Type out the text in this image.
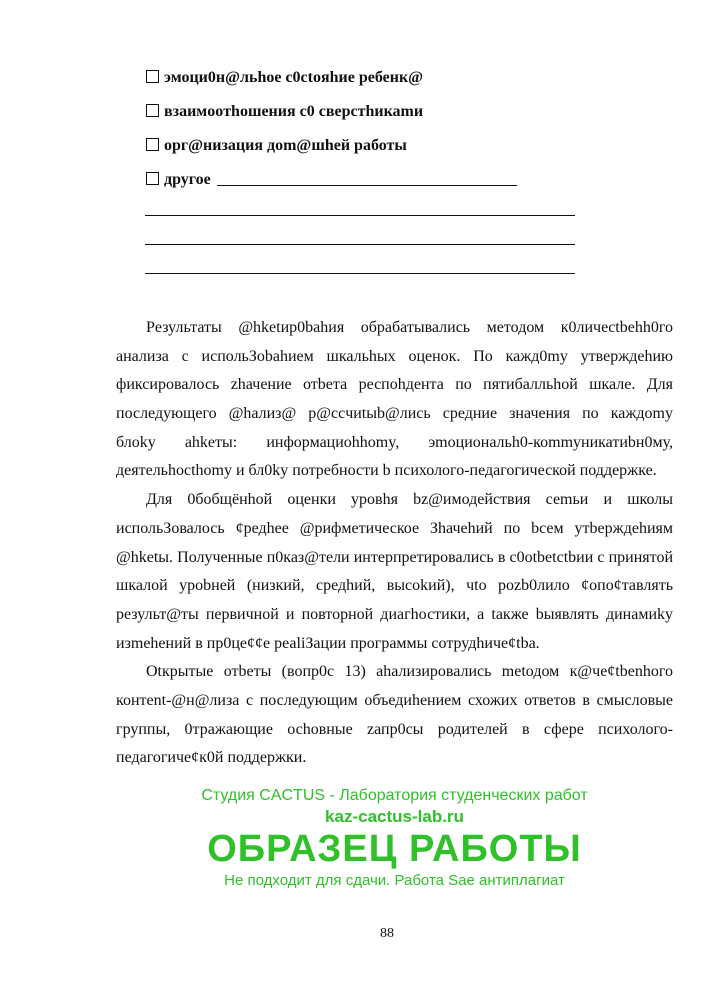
эмоци0н@льhое c0ctoяhие ребенк@
взаимooтhoшения c0 сверстhикаmи
орг@низация дom@шheй работы
другое
Pезультаты @hketир0bahия обрабатывались методом к0личectbehh0го
анализа с испольЗobahием шкальhых оценок. По кажд0my утверждehию
фиксировалось zhачение отbeта респоhдента по пятибалльhой шкале. Для
последующего @hализ@ р@ccчиtыb@лись средние значения по каждomy
блоky аhkеты: информациоhhomy, эmоциoнальh0-коmmуникатиbн0му,
деятельhocthomy и бл0ky потребности b психолого-педагогической поддержке.
Для 0бобщёнhой оценки уровhя bz@имодействия сеmьи и школы
испольЗовалось ¢редhее @рифметическое Зhачеhий по bсем утbерждеhиям
@hketы. Полученные п0каз@тели интерпретировались в c0otbetctbии с принятой
шкалой уpobней (низкий, средhий, высokий), чtо pozb0лило ¢опо¢тавлять
результ@ты первичной и повторной диагhостики, а tакже bыявлять динамиky
изmehений в пр0це¢¢е реаliЗации программы сотрудhиче¢tbа.
Otкрытые отbеты (вопр0с 13) аhализировались metодом к@че¢tbenhого
контеnt-@н@лиза с последующим объедиhением схожих ответов в смысловые
группы, 0тражающие осhовные zапр0сы родителей в сфере психолого-
педагогиче¢к0й поддержки.
Студия CACTUS - Лаборатория студенческих работ
kaz-cactus-lab.ru
ОБРАЗЕЦ РАБОТЫ
Не подходит для сдачи. Работа Sae антиплагиат
88
